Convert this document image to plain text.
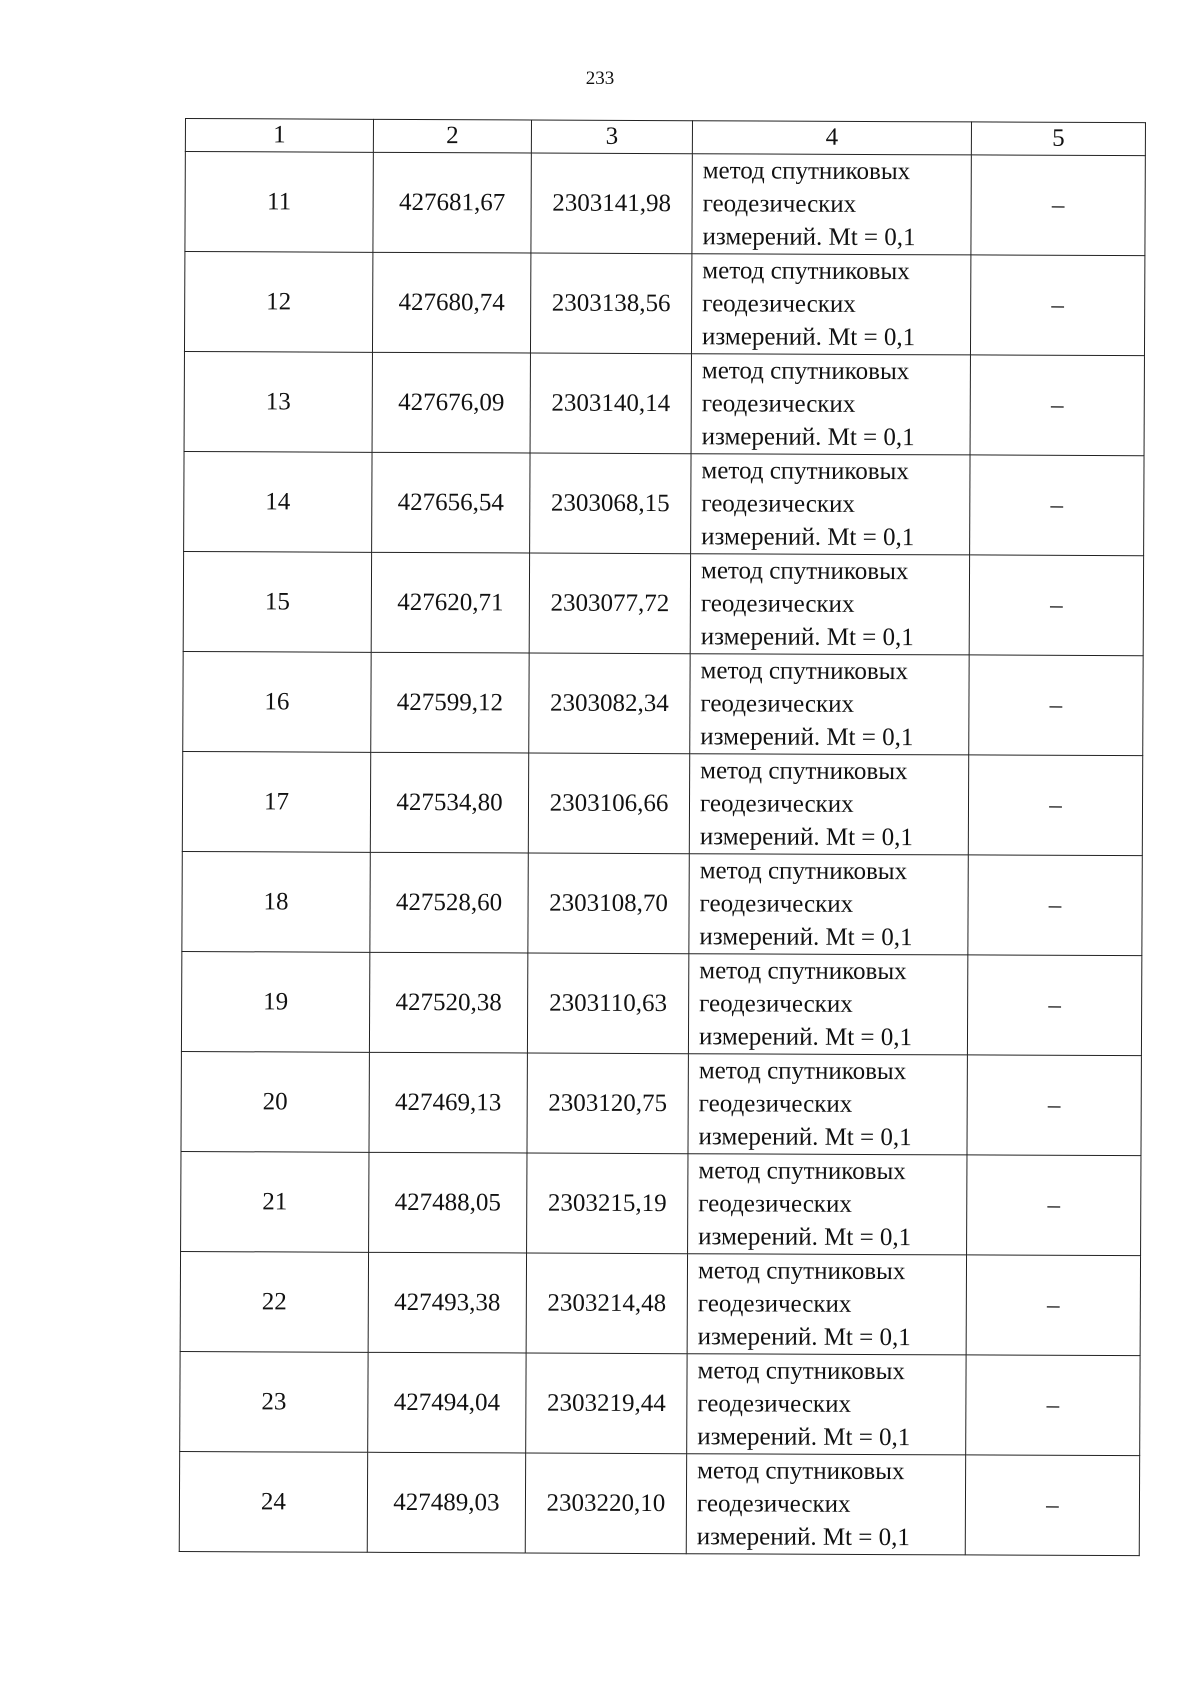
233
1	2	3	4	5
11	427681,67	2303141,98	метод спутниковых
геодезических
измерений. Mt = 0,1	–
12	427680,74	2303138,56	метод спутниковых
геодезических
измерений. Mt = 0,1	–
13	427676,09	2303140,14	метод спутниковых
геодезических
измерений. Mt = 0,1	–
14	427656,54	2303068,15	метод спутниковых
геодезических
измерений. Mt = 0,1	–
15	427620,71	2303077,72	метод спутниковых
геодезических
измерений. Mt = 0,1	–
16	427599,12	2303082,34	метод спутниковых
геодезических
измерений. Mt = 0,1	–
17	427534,80	2303106,66	метод спутниковых
геодезических
измерений. Mt = 0,1	–
18	427528,60	2303108,70	метод спутниковых
геодезических
измерений. Mt = 0,1	–
19	427520,38	2303110,63	метод спутниковых
геодезических
измерений. Mt = 0,1	–
20	427469,13	2303120,75	метод спутниковых
геодезических
измерений. Mt = 0,1	–
21	427488,05	2303215,19	метод спутниковых
геодезических
измерений. Mt = 0,1	–
22	427493,38	2303214,48	метод спутниковых
геодезических
измерений. Mt = 0,1	–
23	427494,04	2303219,44	метод спутниковых
геодезических
измерений. Mt = 0,1	–
24	427489,03	2303220,10	метод спутниковых
геодезических
измерений. Mt = 0,1	–
